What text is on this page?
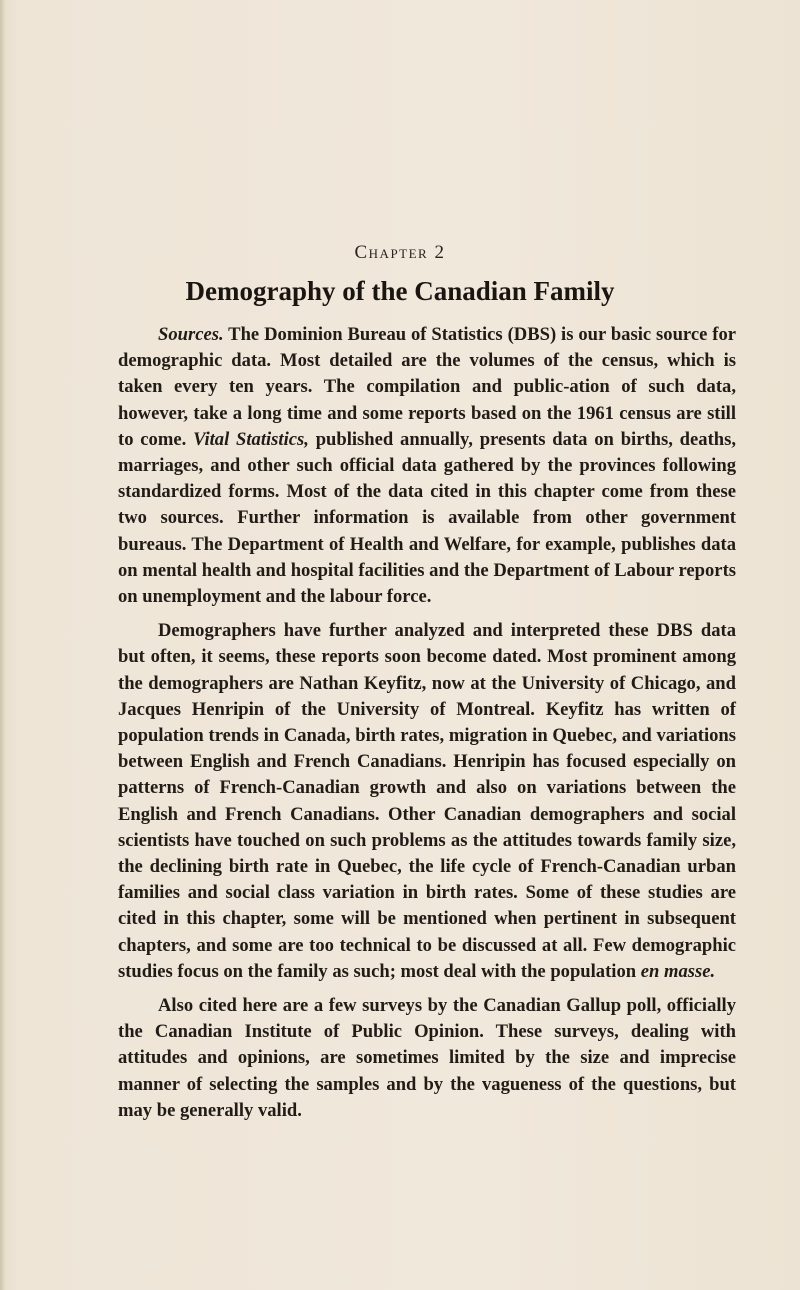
Chapter 2
Demography of the Canadian Family

Sources. The Dominion Bureau of Statistics (DBS) is our basic source for demographic data. Most detailed are the volumes of the census, which is taken every ten years. The compilation and public-ation of such data, however, take a long time and some reports based on the 1961 census are still to come. Vital Statistics, published annually, presents data on births, deaths, marriages, and other such official data gathered by the provinces following standardized forms. Most of the data cited in this chapter come from these two sources. Further information is available from other government bureaus. The Department of Health and Welfare, for example, publishes data on mental health and hospital facilities and the Department of Labour reports on unemployment and the labour force.

Demographers have further analyzed and interpreted these DBS data but often, it seems, these reports soon become dated. Most prominent among the demographers are Nathan Keyfitz, now at the University of Chicago, and Jacques Henripin of the University of Montreal. Keyfitz has written of population trends in Canada, birth rates, migration in Quebec, and variations between English and French Canadians. Henripin has focused especially on patterns of French-Canadian growth and also on variations between the English and French Canadians. Other Canadian demographers and social scientists have touched on such problems as the attitudes towards family size, the declining birth rate in Quebec, the life cycle of French-Canadian urban families and social class variation in birth rates. Some of these studies are cited in this chapter, some will be mentioned when pertinent in subsequent chapters, and some are too technical to be discussed at all. Few demographic studies focus on the family as such; most deal with the population en masse.

Also cited here are a few surveys by the Canadian Gallup poll, officially the Canadian Institute of Public Opinion. These surveys, dealing with attitudes and opinions, are sometimes limited by the size and imprecise manner of selecting the samples and by the vagueness of the questions, but may be generally valid.
